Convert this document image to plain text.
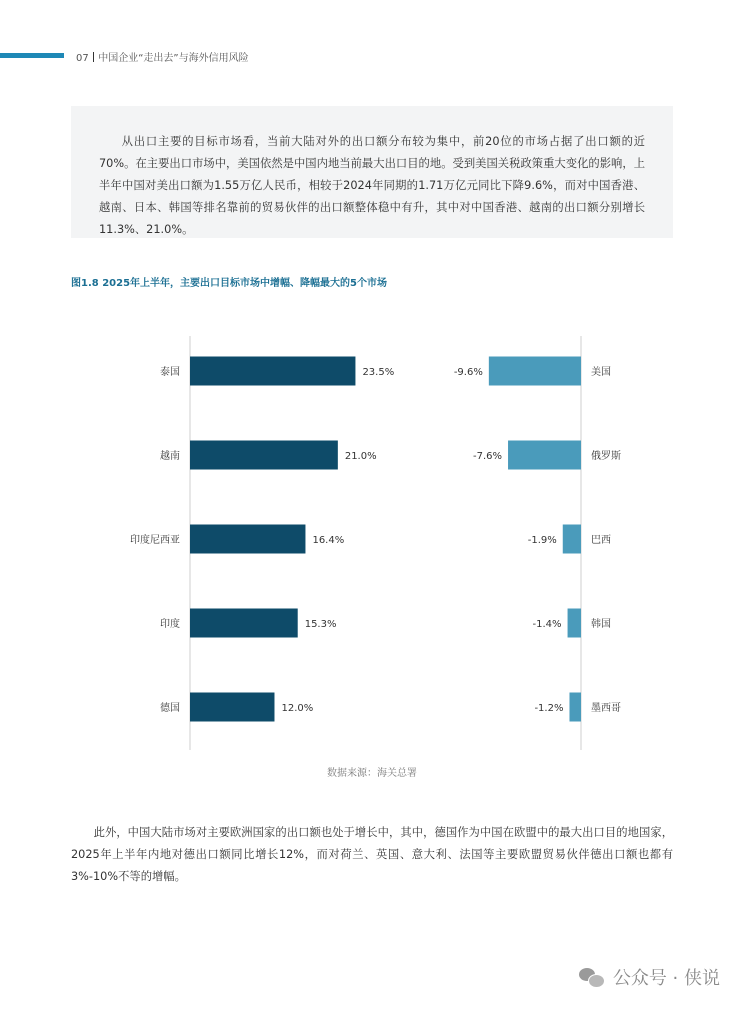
07 中国企业“走出去”与海外信用风险

从出口主要的目标市场看，当前大陆对外的出口额分布较为集中，前20位的市场占据了出口额的近70%。在主要出口市场中，美国依然是中国内地当前最大出口目的地。受到美国关税政策重大变化的影响，上半年中国对美出口额为1.55万亿人民币，相较于2024年同期的1.71万亿元同比下降9.6%，而对中国香港、越南、日本、韩国等排名靠前的贸易伙伴的出口额整体稳中有升，其中对中国香港、越南的出口额分别增长11.3%、21.0%。

图1.8 2025年上半年，主要出口目标市场中增幅、降幅最大的5个市场
泰国	23.5%
越南	21.0%
印度尼西亚	16.4%
印度	15.3%
德国	12.0%
-9.6%	美国
-7.6%	俄罗斯
-1.9%	巴西
-1.4%	韩国
-1.2%	墨西哥
数据来源：海关总署

此外，中国大陆市场对主要欧洲国家的出口额也处于增长中，其中，德国作为中国在欧盟中的最大出口目的地国家，2025年上半年内地对德出口额同比增长12%，而对荷兰、英国、意大利、法国等主要欧盟贸易伙伴德出口额也都有3%-10%不等的增幅。

公众号 · 侠说
